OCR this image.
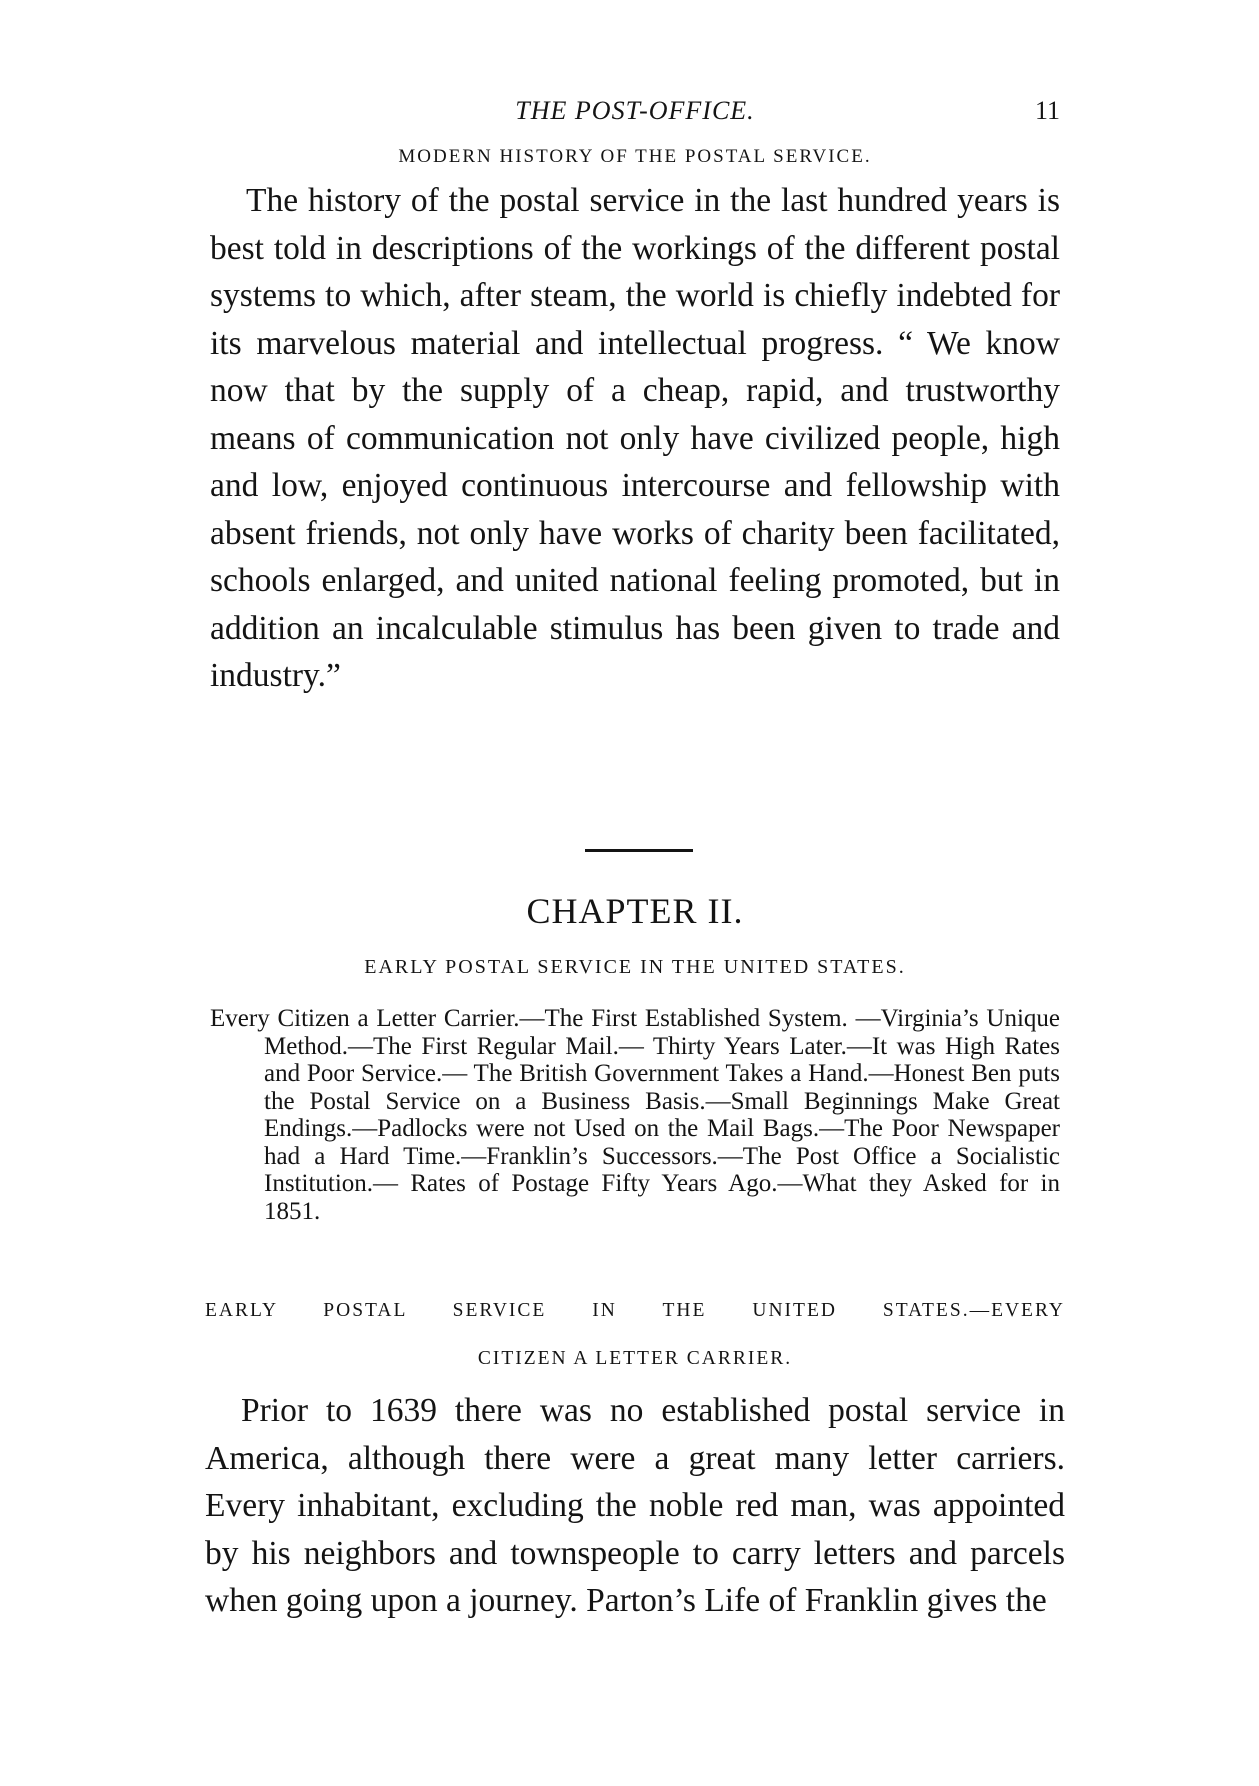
THE POST-OFFICE.	11
MODERN HISTORY OF THE POSTAL SERVICE.

The history of the postal service in the last hundred years is best told in descriptions of the workings of the different postal systems to which, after steam, the world is chiefly indebted for its marvelous material and intellectual progress. “ We know now that by the supply of a cheap, rapid, and trustworthy means of communication not only have civilized people, high and low, enjoyed continuous intercourse and fellowship with absent friends, not only have works of charity been facilitated, schools enlarged, and united national feeling promoted, but in addition an incalculable stimulus has been given to trade and industry.”

CHAPTER II.
EARLY POSTAL SERVICE IN THE UNITED STATES.

Every Citizen a Letter Carrier.—The First Established System. —Virginia’s Unique Method.—The First Regular Mail.— Thirty Years Later.—It was High Rates and Poor Service.— The British Government Takes a Hand.—Honest Ben puts the Postal Service on a Business Basis.—Small Beginnings Make Great Endings.—Padlocks were not Used on the Mail Bags.—The Poor Newspaper had a Hard Time.—Franklin’s Successors.—The Post Office a Socialistic Institution.— Rates of Postage Fifty Years Ago.—What they Asked for in 1851.

EARLY POSTAL SERVICE IN THE UNITED STATES.—EVERY
CITIZEN A LETTER CARRIER.

Prior to 1639 there was no established postal service in America, although there were a great many letter carriers. Every inhabitant, excluding the noble red man, was appointed by his neighbors and townspeople to carry letters and parcels when going upon a journey. Parton’s Life of Franklin gives the
